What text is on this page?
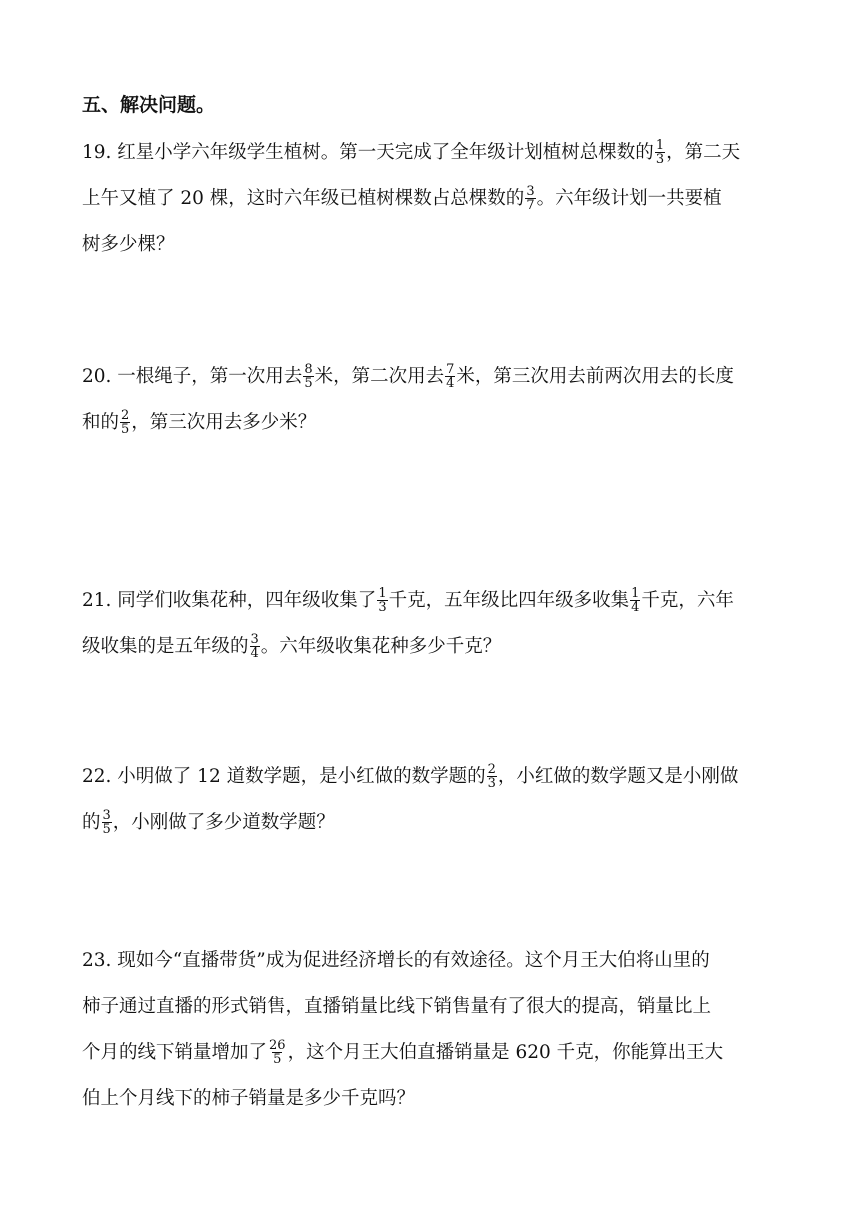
五、解决问题。
19. 红星小学六年级学生植树。第一天完成了全年级计划植树总棵数的 $\frac{1}{3}$ ，第二天
上午又植了 20 棵，这时六年级已植树棵数占总棵数的 $\frac{3}{7}$ 。六年级计划一共要植
树多少棵？
20. 一根绳子，第一次用去 $\frac{8}{5}$ 米，第二次用去 $\frac{7}{4}$ 米，第三次用去前两次用去的长度
和的 $\frac{2}{5}$ ，第三次用去多少米？
21. 同学们收集花种，四年级收集了 $\frac{1}{3}$ 千克，五年级比四年级多收集 $\frac{1}{4}$ 千克，六年
级收集的是五年级的 $\frac{3}{4}$ 。六年级收集花种多少千克？
22. 小明做了 12 道数学题，是小红做的数学题的 $\frac{2}{3}$ ，小红做的数学题又是小刚做
的 $\frac{3}{5}$ ，小刚做了多少道数学题？
23. 现如今“直播带货”成为促进经济增长的有效途径。这个月王大伯将山里的
柿子通过直播的形式销售，直播销量比线下销售量有了很大的提高，销量比上
个月的线下销量增加了 $\frac{26}{5}$ ，这个月王大伯直播销量是 620 千克，你能算出王大
伯上个月线下的柿子销量是多少千克吗？
